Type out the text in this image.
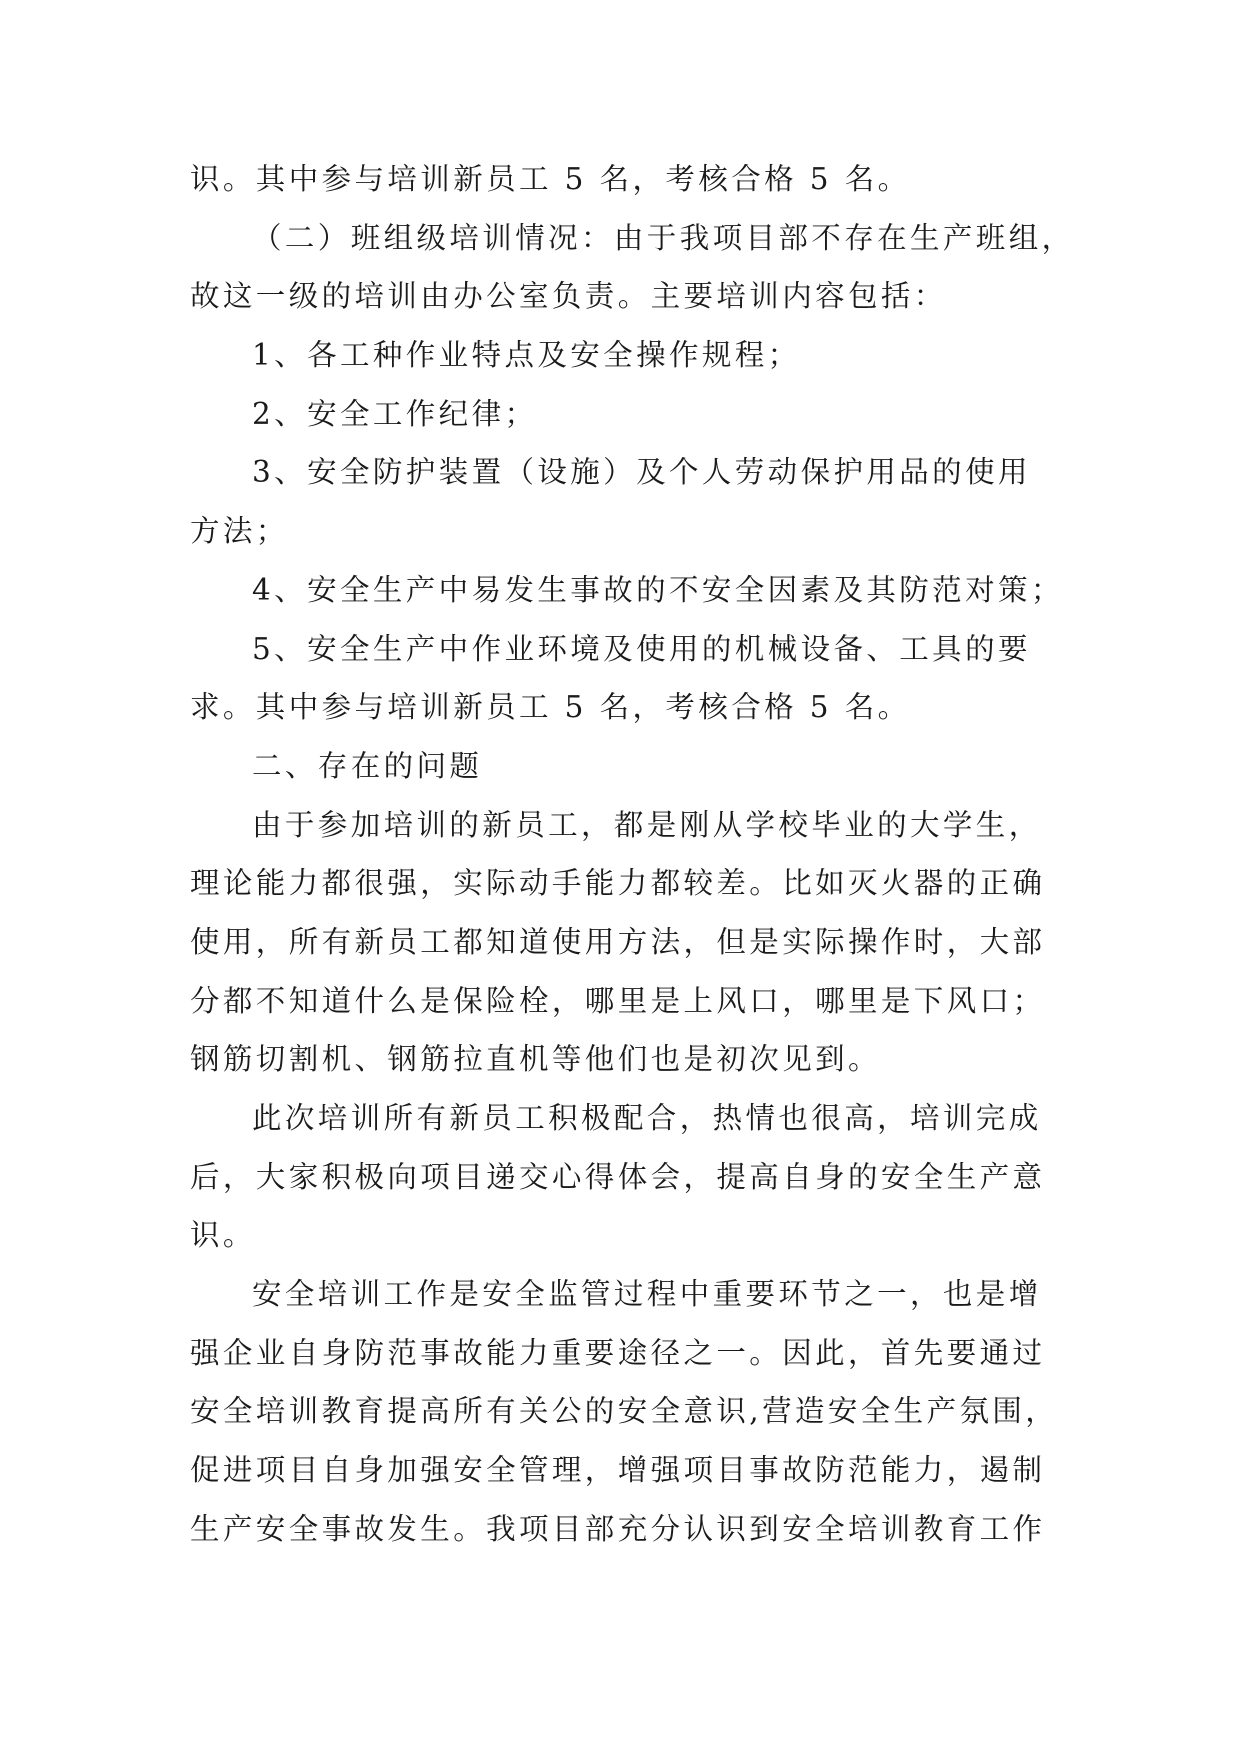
识。其中参与培训新员工 5 名，考核合格 5 名。
（二）班组级培训情况：由于我项目部不存在生产班组，
故这一级的培训由办公室负责。主要培训内容包括：
1、各工种作业特点及安全操作规程；
2、安全工作纪律；
3、安全防护装置（设施）及个人劳动保护用品的使用
方法；
4、安全生产中易发生事故的不安全因素及其防范对策；
5、安全生产中作业环境及使用的机械设备、工具的要
求。其中参与培训新员工 5 名，考核合格 5 名。
二、存在的问题
由于参加培训的新员工，都是刚从学校毕业的大学生，
理论能力都很强，实际动手能力都较差。比如灭火器的正确
使用，所有新员工都知道使用方法，但是实际操作时，大部
分都不知道什么是保险栓，哪里是上风口，哪里是下风口；
钢筋切割机、钢筋拉直机等他们也是初次见到。
此次培训所有新员工积极配合，热情也很高，培训完成
后，大家积极向项目递交心得体会，提高自身的安全生产意
识。
安全培训工作是安全监管过程中重要环节之一，也是增
强企业自身防范事故能力重要途径之一。因此，首先要通过
安全培训教育提高所有关公的安全意识,营造安全生产氛围，
促进项目自身加强安全管理，增强项目事故防范能力，遏制
生产安全事故发生。我项目部充分认识到安全培训教育工作
